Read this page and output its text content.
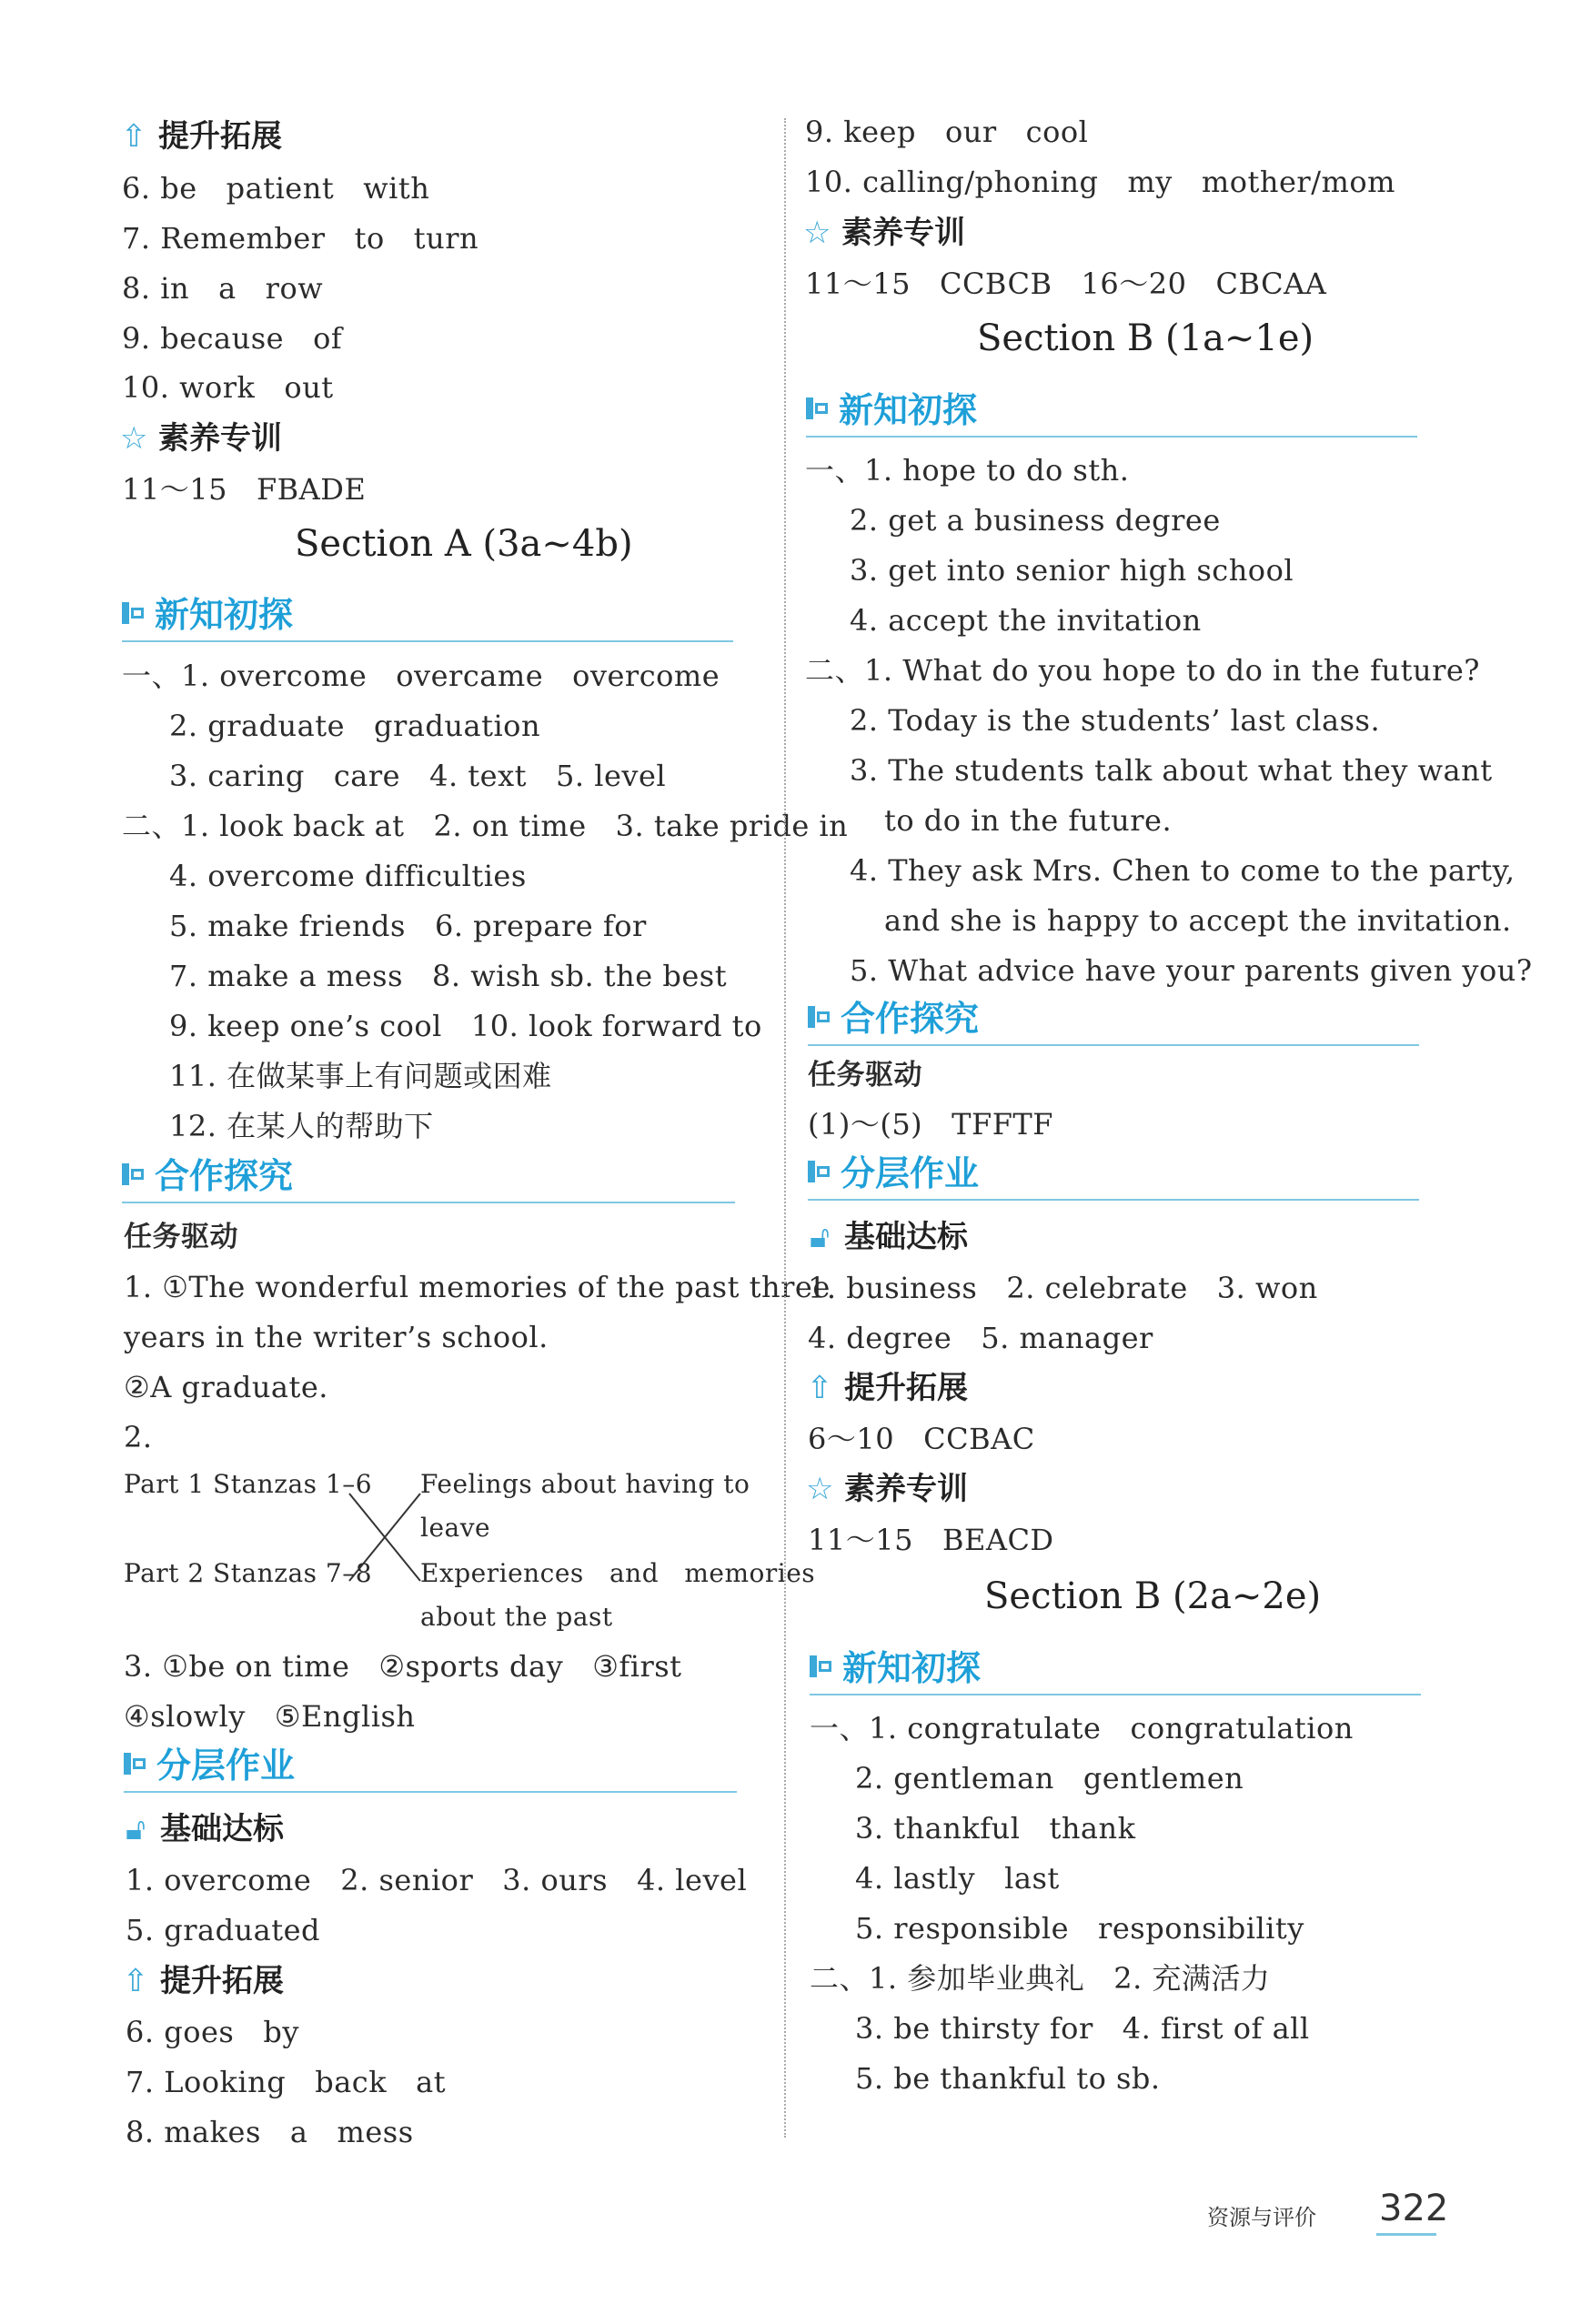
⇧ 提升拓展
6. be   patient   with
7. Remember   to   turn
8. in   a   row
9. because   of
10. work   out
☆ 素养专训
11～15   FBADE
Section A (3a~4b)

新知初探

一、1. overcome   overcame   overcome
2. graduate   graduation
3. caring   care   4. text   5. level
二、1. look back at   2. on time   3. take pride in
4. overcome difficulties
5. make friends   6. prepare for
7. make a mess   8. wish sb. the best
9. keep one’s cool   10. look forward to
11. 在做某事上有问题或困难
12. 在某人的帮助下

合作探究

任务驱动
1. ①The wonderful memories of the past three
years in the writer’s school.
②A graduate.
2.
Part 1 Stanzas 1–6
Part 2 Stanzas 7–8
Feelings about having to
leave
Experiences   and   memories
about the past
3. ①be on time   ②sports day   ③first
④slowly   ⑤English

分层作业

🔓︎ 基础达标
1. overcome   2. senior   3. ours   4. level
5. graduated
⇧ 提升拓展
6. goes   by
7. Looking   back   at
8. makes   a   mess
9. keep   our   cool
10. calling/phoning   my   mother/mom
☆ 素养专训
11～15   CCBCB   16～20   CBCAA
Section B (1a~1e)

新知初探

一、1. hope to do sth.
2. get a business degree
3. get into senior high school
4. accept the invitation
二、1. What do you hope to do in the future?
2. Today is the students’ last class.
3. The students talk about what they want
to do in the future.
4. They ask Mrs. Chen to come to the party,
and she is happy to accept the invitation.
5. What advice have your parents given you?

合作探究

任务驱动
(1)～(5)   TFFTF

分层作业

🔓︎ 基础达标
1. business   2. celebrate   3. won
4. degree   5. manager
⇧ 提升拓展
6～10   CCBAC
☆ 素养专训
11～15   BEACD
Section B (2a~2e)

新知初探

一、1. congratulate   congratulation
2. gentleman   gentlemen
3. thankful   thank
4. lastly   last
5. responsible   responsibility
二、1. 参加毕业典礼   2. 充满活力
3. be thirsty for   4. first of all
5. be thankful to sb.
资源与评价 322
